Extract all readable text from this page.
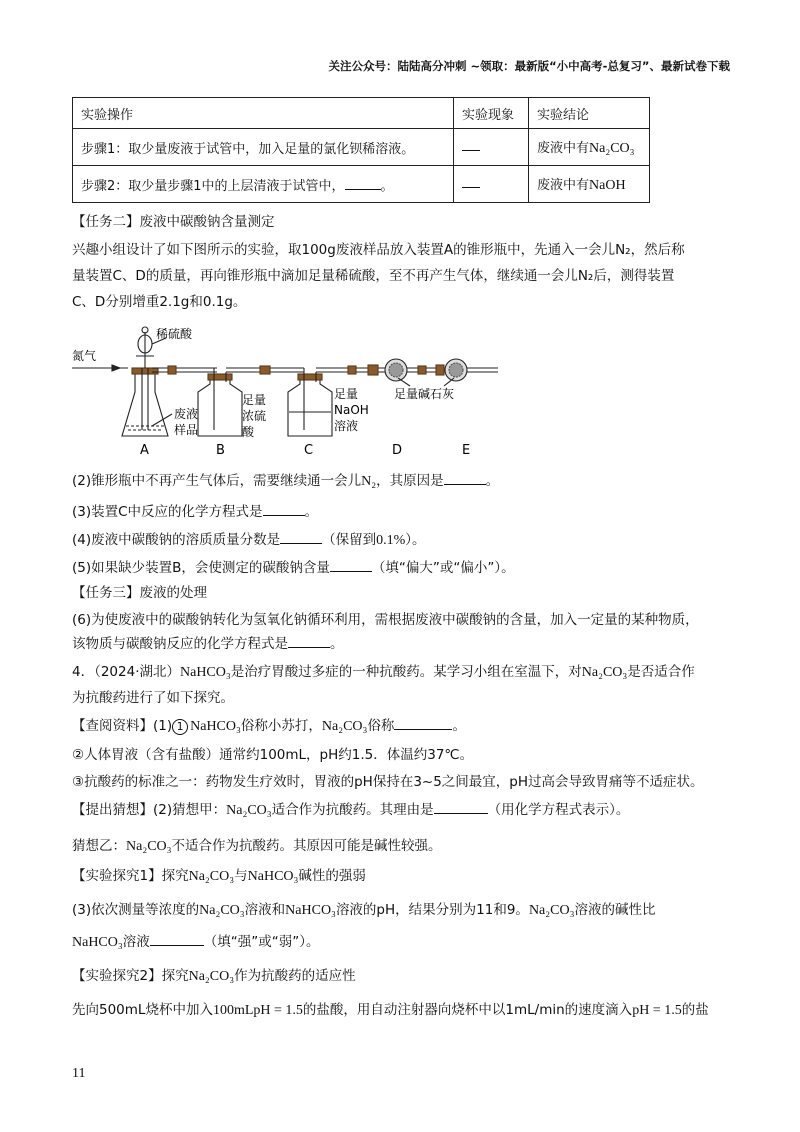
关注公众号：陆陆高分冲刺 ~领取：最新版“小中高考-总复习”、最新试卷下载
实验操作	实验现象	实验结论
步骤1：取少量废液于试管中，加入足量的氯化钡稀溶液。		废液中有Na₂CO₃
步骤2：取少量步骤1中的上层清液于试管中， 。		废液中有NaOH
【任务二】废液中碳酸钠含量测定
兴趣小组设计了如下图所示的实验，取100g废液样品放入装置A的锥形瓶中，先通入一会儿N₂，然后称
量装置C、D的质量，再向锥形瓶中滴加足量稀硫酸，至不再产生气体，继续通一会儿N₂后，测得装置
C、D分别增重2.1g和0.1g。
氮气
稀硫酸
废液
样品
足量
浓硫
酸
足量
NaOH
溶液
足量碱石灰
A	B	C	D	E
(2)锥形瓶中不再产生气体后，需要继续通一会儿N₂，其原因是	。
(3)装置C中反应的化学方程式是	。
(4)废液中碳酸钠的溶质质量分数是	（保留到0.1%）。
(5)如果缺少装置B，会使测定的碳酸钠含量	（填“偏大”或“偏小”）。
【任务三】废液的处理
(6)为使废液中的碳酸钠转化为氢氧化钠循环利用，需根据废液中碳酸钠的含量，加入一定量的某种物质，
该物质与碳酸钠反应的化学方程式是	。
4．（2024·湖北）NaHCO₃是治疗胃酸过多症的一种抗酸药。某学习小组在室温下，对Na₂CO₃是否适合作
为抗酸药进行了如下探究。
【查阅资料】(1) 1 NaHCO₃俗称小苏打，Na₂CO₃俗称	。
②人体胃液（含有盐酸）通常约100mL，pH约1.5．体温约37℃。
③抗酸药的标准之一：药物发生疗效时，胃液的pH保持在3~5之间最宜，pH过高会导致胃痛等不适症状。
【提出猜想】(2)猜想甲：Na₂CO₃适合作为抗酸药。其理由是	（用化学方程式表示）。
猜想乙：Na₂CO₃不适合作为抗酸药。其原因可能是碱性较强。
【实验探究1】探究Na₂CO₃与NaHCO₃碱性的强弱
(3)依次测量等浓度的Na₂CO₃溶液和NaHCO₃溶液的pH，结果分别为11和9。Na₂CO₃溶液的碱性比
NaHCO₃溶液	（填“强”或“弱”）。
【实验探究2】探究Na₂CO₃作为抗酸药的适应性
先向500mL烧杯中加入100mLpH = 1.5的盐酸，用自动注射器向烧杯中以1mL/min的速度滴入pH = 1.5的盐
11
